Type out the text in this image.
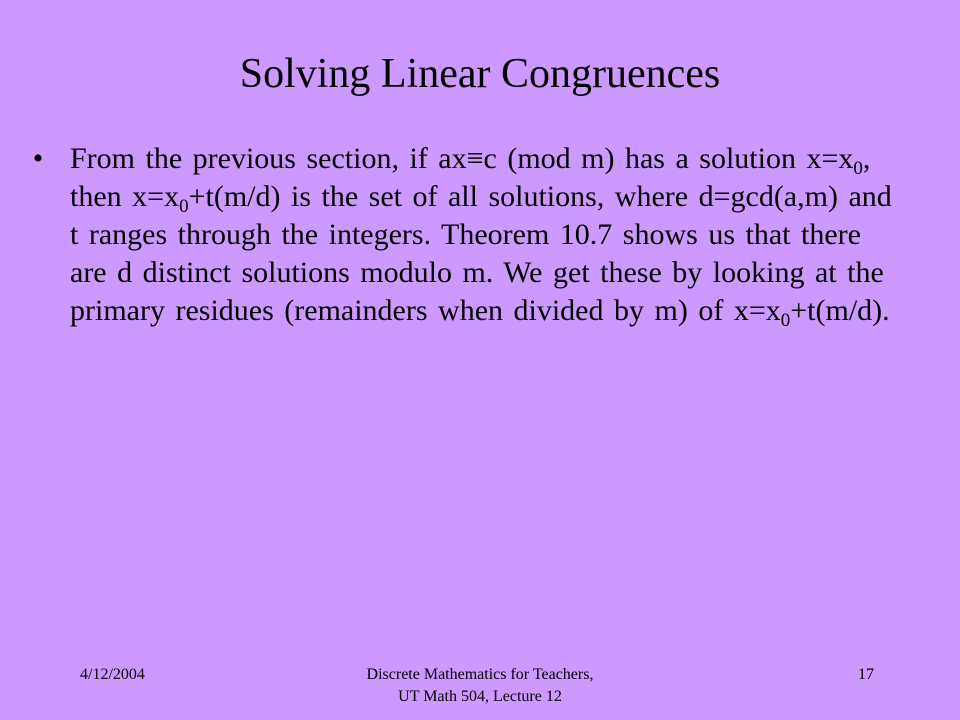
Solving Linear Congruences
• From the previous section, if ax≡c (mod m) has a solution $x=x_0$, then $x=x_0+t(m/d)$ is the set of all solutions, where d=gcd(a,m) and t ranges through the integers. Theorem 10.7 shows us that there are d distinct solutions modulo m. We get these by looking at the primary residues (remainders when divided by m) of $x=x_0+t(m/d)$.
4/12/2004	Discrete Mathematics for Teachers,
UT Math 504, Lecture 12
17
